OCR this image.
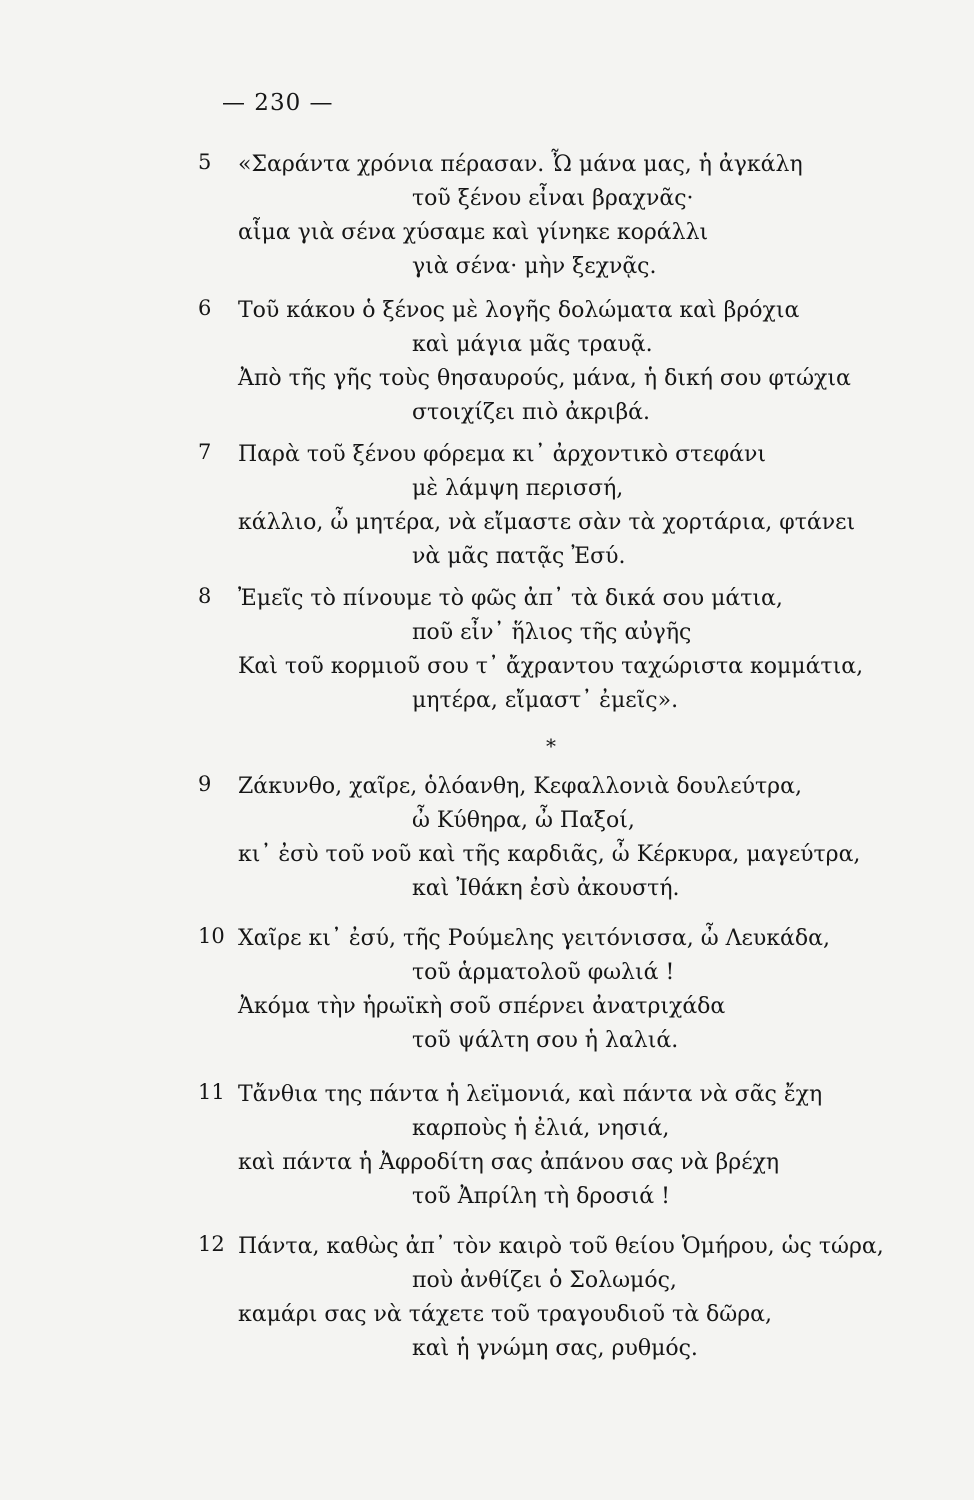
— 230 —
5 «Σαράντα χρόνια πέρασαν. Ὦ μάνα μας, ἡ ἀγκάλη
τοῦ ξένου εἶναι βραχνᾶς·
αἷμα γιὰ σένα χύσαμε καὶ γίνηκε κοράλλι
γιὰ σένα· μὴν ξεχνᾷς.
6 Τοῦ κάκου ὁ ξένος μὲ λογῆς δολώματα καὶ βρόχια
καὶ μάγια μᾶς τραυᾷ.
Ἀπὸ τῆς γῆς τοὺς θησαυρούς, μάνα, ἡ δική σου φτώχια
στοιχίζει πιὸ ἀκριβά.
7 Παρὰ τοῦ ξένου φόρεμα κι᾽ ἀρχοντικὸ στεφάνι
μὲ λάμψη περισσή,
κάλλιο, ὦ μητέρα, νὰ εἴμαστε σὰν τὰ χορτάρια, φτάνει
νὰ μᾶς πατᾷς Ἐσύ.
8 Ἐμεῖς τὸ πίνουμε τὸ φῶς ἀπ᾽ τὰ δικά σου μάτια,
ποῦ εἶν᾽ ἥλιος τῆς αὐγῆς
Καὶ τοῦ κορμιοῦ σου τ᾽ ἄχραντου ταχώριστα κομμάτια,
μητέρα, εἴμαστ᾽ ἐμεῖς».
*
9 Ζάκυνθο, χαῖρε, ὁλόανθη, Κεφαλλονιὰ δουλεύτρα,
ὦ Κύθηρα, ὦ Παξοί,
κι᾽ ἐσὺ τοῦ νοῦ καὶ τῆς καρδιᾶς, ὦ Κέρκυρα, μαγεύτρα,
καὶ Ἰθάκη ἐσὺ ἀκουστή.
10 Χαῖρε κι᾽ ἐσύ, τῆς Ρούμελης γειτόνισσα, ὦ Λευκάδα,
τοῦ ἁρματολοῦ φωλιά !
Ἀκόμα τὴν ἡρωϊκὴ σοῦ σπέρνει ἀνατριχάδα
τοῦ ψάλτη σου ἡ λαλιά.
11 Τἄνθια της πάντα ἡ λεϊμονιά, καὶ πάντα νὰ σᾶς ἔχη
καρποὺς ἡ ἐλιά, νησιά,
καὶ πάντα ἡ Ἀφροδίτη σας ἀπάνου σας νὰ βρέχη
τοῦ Ἀπρίλη τὴ δροσιά !
12 Πάντα, καθὼς ἀπ᾽ τὸν καιρὸ τοῦ θείου Ὁμήρου, ὡς τώρα,
ποὺ ἀνθίζει ὁ Σολωμός,
καμάρι σας νὰ τάχετε τοῦ τραγουδιοῦ τὰ δῶρα,
καὶ ἡ γνώμη σας, ρυθμός.
